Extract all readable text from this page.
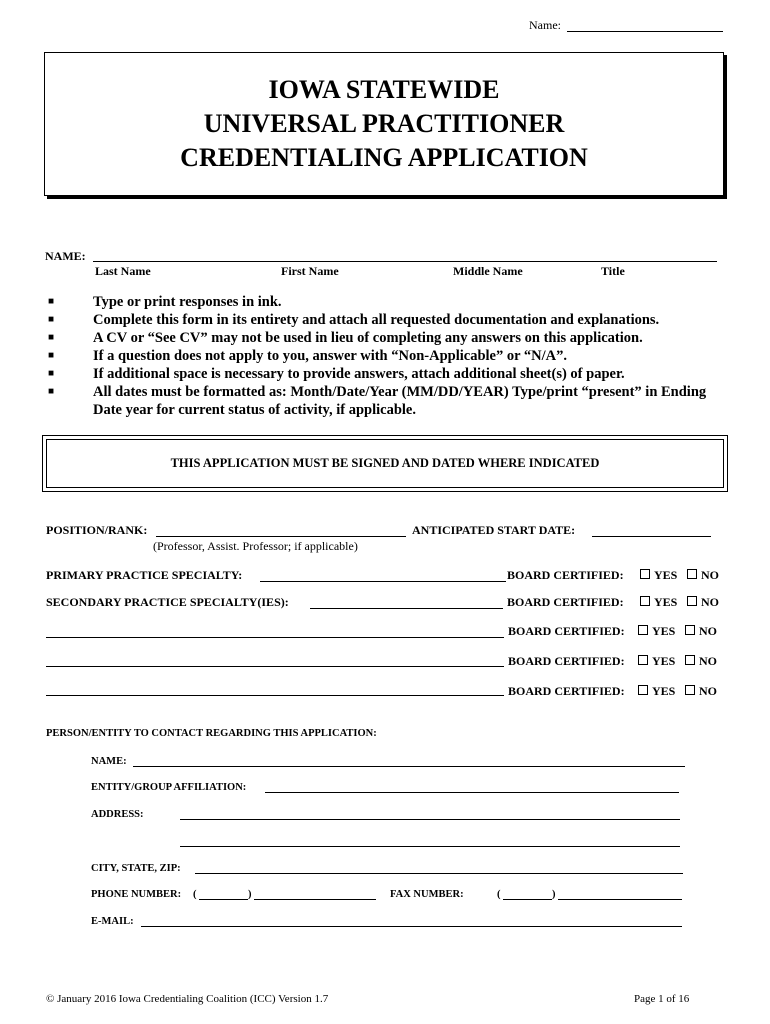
Name:
IOWA STATEWIDE
UNIVERSAL PRACTITIONER
CREDENTIALING APPLICATION
NAME:
Last Name	First Name	Middle Name	Title
■	Type or print responses in ink.
■	Complete this form in its entirety and attach all requested documentation and explanations.
■	A CV or “See CV” may not be used in lieu of completing any answers on this application.
■	If a question does not apply to you, answer with “Non-Applicable” or “N/A”.
■	If additional space is necessary to provide answers, attach additional sheet(s) of paper.
■	All dates must be formatted as: Month/Date/Year (MM/DD/YEAR) Type/print “present” in Ending Date year for current status of activity, if applicable.
THIS APPLICATION MUST BE SIGNED AND DATED WHERE INDICATED
POSITION/RANK:	ANTICIPATED START DATE:
(Professor, Assist. Professor; if applicable)
PRIMARY PRACTICE SPECIALTY:	BOARD CERTIFIED:	YES	NO
SECONDARY PRACTICE SPECIALTY(IES):	BOARD CERTIFIED:	YES	NO
BOARD CERTIFIED:	YES	NO
BOARD CERTIFIED:	YES	NO
BOARD CERTIFIED:	YES	NO
PERSON/ENTITY TO CONTACT REGARDING THIS APPLICATION:
NAME:
ENTITY/GROUP AFFILIATION:
ADDRESS:
CITY, STATE, ZIP:
PHONE NUMBER: (	)	FAX NUMBER:	(	)
E-MAIL:
© January 2016 Iowa Credentialing Coalition (ICC) Version 1.7	Page 1 of 16
